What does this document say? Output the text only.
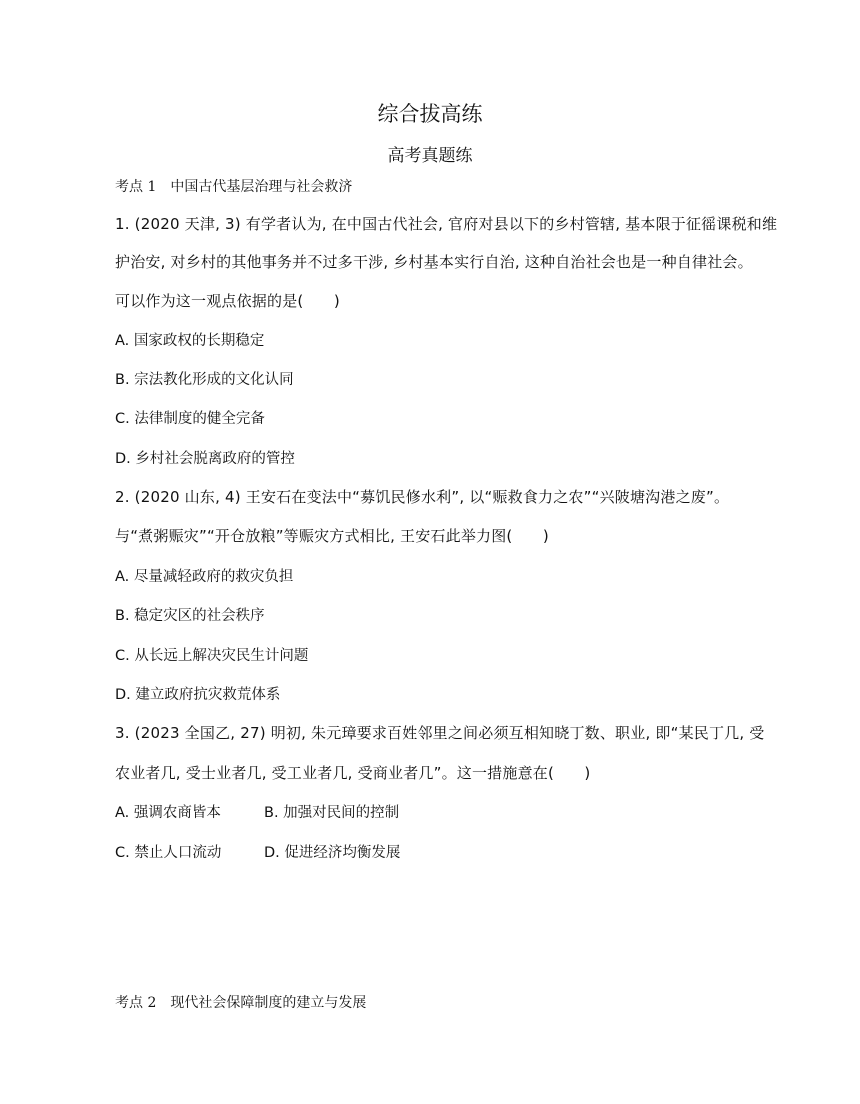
综合拔高练
高考真题练
考点 1　中国古代基层治理与社会救济
1. (2020 天津, 3) 有学者认为, 在中国古代社会, 官府对县以下的乡村管辖, 基本限于征徭课税和维
护治安, 对乡村的其他事务并不过多干涉, 乡村基本实行自治, 这种自治社会也是一种自律社会。
可以作为这一观点依据的是(　　)
A. 国家政权的长期稳定
B. 宗法教化形成的文化认同
C. 法律制度的健全完备
D. 乡村社会脱离政府的管控
2. (2020 山东, 4) 王安石在变法中“募饥民修水利”, 以“赈救食力之农”“兴陂塘沟港之废”。
与“煮粥赈灾”“开仓放粮”等赈灾方式相比, 王安石此举力图(　　)
A. 尽量减轻政府的救灾负担
B. 稳定灾区的社会秩序
C. 从长远上解决灾民生计问题
D. 建立政府抗灾救荒体系
3. (2023 全国乙, 27) 明初, 朱元璋要求百姓邻里之间必须互相知晓丁数、职业, 即“某民丁几, 受
农业者几, 受士业者几, 受工业者几, 受商业者几”。这一措施意在(　　)
A. 强调农商皆本	B. 加强对民间的控制
C. 禁止人口流动	D. 促进经济均衡发展
考点 2　现代社会保障制度的建立与发展
